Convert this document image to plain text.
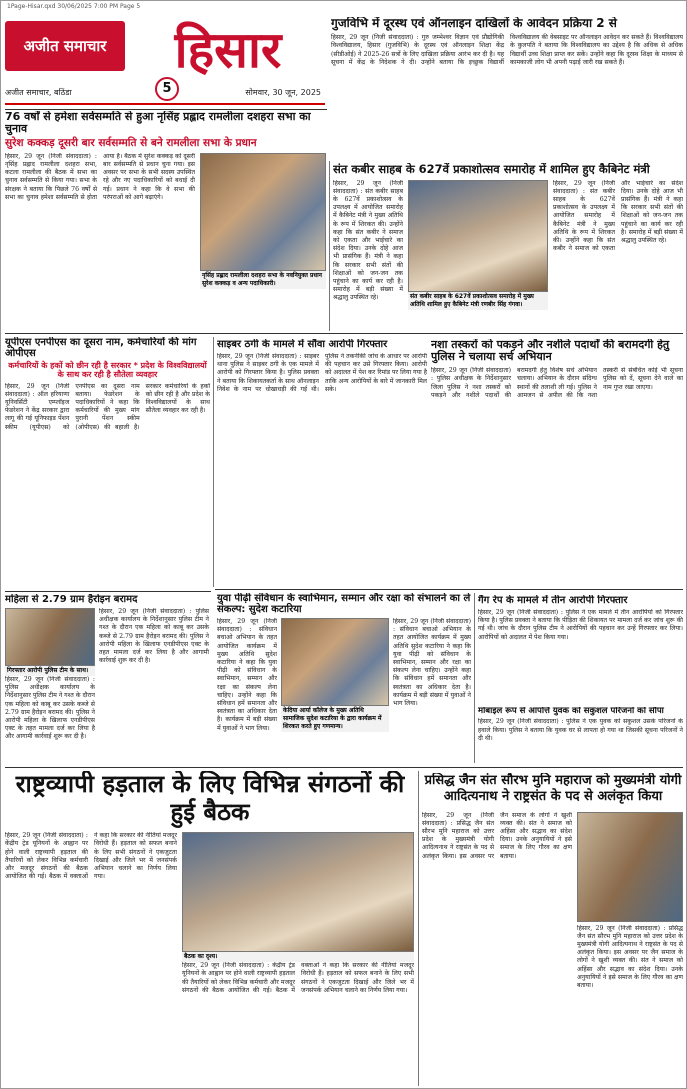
1Page-Hisar.qxd 30/06/2025 7:00 PM Page 5
अजीत समाचार	हिसार
अजीत समाचार, बठिंडा	5	सोमवार, 30 जून, 2025
गुजविभि में दूरस्थ एवं ऑनलाइन दाखिलों के आवेदन प्रक्रिया 2 से
हिसार, 29 जून (निजी संवाददाता) : गुरु जम्भेश्वर विज्ञान एवं प्रौद्योगिकी विश्वविद्यालय, हिसार (गुजविभि) के दूरस्थ एवं ऑनलाइन शिक्षा केंद्र (सीडीओई) ने 2025-26 सत्रों के लिए दाखिला प्रक्रिया आरंभ कर दी है। यह सूचना में केंद्र के निदेशक ने दी। उन्होंने बताया कि इच्छुक विद्यार्थी विश्वविद्यालय की वेबसाइट पर ऑनलाइन आवेदन कर सकते हैं। विश्वविद्यालय के कुलपति ने बताया कि विश्वविद्यालय का उद्देश्य है कि अधिक से अधिक विद्यार्थी उच्च शिक्षा प्राप्त कर सकें। उन्होंने कहा कि दूरस्थ शिक्षा के माध्यम से कामकाजी लोग भी अपनी पढ़ाई जारी रख सकते हैं।
76 वर्षों से हमेशा सर्वसम्मति से हुआ नृसिंह प्रह्लाद रामलीला दशहरा सभा का चुनाव
सुरेश कक्कड़ दूसरी बार सर्वसम्मति से बने रामलीला सभा के प्रधान
हिसार, 29 जून (निजी संवाददाता) : नृसिंह प्रह्लाद रामलीला दशहरा सभा, कटला रामलीला की बैठक में सभा का चुनाव सर्वसम्मति से किया गया। सभा के संरक्षक ने बताया कि पिछले 76 वर्षों से सभा का चुनाव हमेशा सर्वसम्मति से होता आया है। बैठक में सुरेश कक्कड़ को दूसरी बार सर्वसम्मति से प्रधान चुना गया। इस अवसर पर सभा के सभी सदस्य उपस्थित रहे और नए पदाधिकारियों को बधाई दी गई। प्रधान ने कहा कि वे सभा की परंपराओं को आगे बढ़ाएंगे।
नृसिंह प्रह्लाद रामलीला दशहरा सभा के नवनियुक्त प्रधान सुरेश कक्कड़ व अन्य पदाधिकारी।
संत कबीर साहब के 627वें प्रकाशोत्सव समारोह में शामिल हुए कैबिनेट मंत्री
हिसार, 29 जून (निजी संवाददाता) : संत कबीर साहब के 627वें प्रकाशोत्सव के उपलक्ष्य में आयोजित समारोह में कैबिनेट मंत्री ने मुख्य अतिथि के रूप में शिरकत की। उन्होंने कहा कि संत कबीर ने समाज को एकता और भाईचारे का संदेश दिया। उनके दोहे आज भी प्रासंगिक हैं। मंत्री ने कहा कि सरकार सभी संतों की शिक्षाओं को जन-जन तक पहुंचाने का कार्य कर रही है। समारोह में बड़ी संख्या में श्रद्धालु उपस्थित रहे।	संत कबीर साहब के 627वें प्रकाशोत्सव समारोह में मुख्य अतिथि शामिल हुए कैबिनेट मंत्री रणबीर सिंह गंगवा।
हिसार, 29 जून (निजी संवाददाता) : संत कबीर साहब के 627वें प्रकाशोत्सव के उपलक्ष्य में आयोजित समारोह में कैबिनेट मंत्री ने मुख्य अतिथि के रूप में शिरकत की। उन्होंने कहा कि संत कबीर ने समाज को एकता और भाईचारे का संदेश दिया। उनके दोहे आज भी प्रासंगिक हैं। मंत्री ने कहा कि सरकार सभी संतों की शिक्षाओं को जन-जन तक पहुंचाने का कार्य कर रही है। समारोह में बड़ी संख्या में श्रद्धालु उपस्थित रहे।
यूपीएस एनपीएस का दूसरा नाम, कर्मचारियों की मांग ओपीएस
कर्मचारियों के हकों को छीन रही है सरकार * प्रदेश के विश्वविद्यालयों के साथ कर रही है सौतेला व्यवहार
हिसार, 29 जून (निजी संवाददाता) : ऑल हरियाणा यूनिवर्सिटी एम्प्लॉइज फेडरेशन ने केंद्र सरकार द्वारा लागू की गई यूनिफाइड पेंशन स्कीम (यूपीएस) को एनपीएस का दूसरा नाम बताया। फेडरेशन के पदाधिकारियों ने कहा कि कर्मचारियों की मुख्य मांग पुरानी पेंशन स्कीम (ओपीएस) की बहाली है। सरकार कर्मचारियों के हकों को छीन रही है और प्रदेश के विश्वविद्यालयों के साथ सौतेला व्यवहार कर रही है।
साइबर ठगी के मामले में सौंवा आरोपी गिरफ्तार
हिसार, 29 जून (निजी संवाददाता) : साइबर थाना पुलिस ने साइबर ठगी के एक मामले में आरोपी को गिरफ्तार किया है। पुलिस प्रवक्ता ने बताया कि शिकायतकर्ता के साथ ऑनलाइन निवेश के नाम पर धोखाधड़ी की गई थी। पुलिस ने तकनीकी जांच के आधार पर आरोपी की पहचान कर उसे गिरफ्तार किया। आरोपी को अदालत में पेश कर रिमांड पर लिया गया है ताकि अन्य आरोपियों के बारे में जानकारी मिल सके।
नशा तस्करों को पकड़ने और नशीले पदार्थों की बरामदगी हेतु पुलिस ने चलाया सर्च अभियान
हिसार, 29 जून (निजी संवाददाता) : पुलिस अधीक्षक के निर्देशानुसार जिला पुलिस ने नशा तस्करों को पकड़ने और नशीले पदार्थों की बरामदगी हेतु विशेष सर्च अभियान चलाया। अभियान के दौरान संदिग्ध स्थानों की तलाशी ली गई। पुलिस ने आमजन से अपील की कि नशा तस्करी से संबंधित कोई भी सूचना पुलिस को दें, सूचना देने वाले का नाम गुप्त रखा जाएगा।
महिला से 2.79 ग्राम हैरोइन बरामद
गिरफ्तार आरोपी पुलिस टीम के साथ।
हिसार, 29 जून (निजी संवाददाता) : पुलिस अधीक्षक कार्यालय के निर्देशानुसार पुलिस टीम ने गश्त के दौरान एक महिला को काबू कर उसके कब्जे से 2.79 ग्राम हैरोइन बरामद की। पुलिस ने आरोपी महिला के खिलाफ एनडीपीएस एक्ट के तहत मामला दर्ज कर लिया है और आगामी कार्रवाई शुरू कर दी है।
हिसार, 29 जून (निजी संवाददाता) : पुलिस अधीक्षक कार्यालय के निर्देशानुसार पुलिस टीम ने गश्त के दौरान एक महिला को काबू कर उसके कब्जे से 2.79 ग्राम हैरोइन बरामद की। पुलिस ने आरोपी महिला के खिलाफ एनडीपीएस एक्ट के तहत मामला दर्ज कर लिया है और आगामी कार्रवाई शुरू कर दी है।
युवा पीढ़ी संविधान के स्वाभिमान, सम्मान और रक्षा को संभालने का ले संकल्प: सुदेश कटारिया
हिसार, 29 जून (निजी संवाददाता) : संविधान बचाओ अभियान के तहत आयोजित कार्यक्रम में मुख्य अतिथि सुदेश कटारिया ने कहा कि युवा पीढ़ी को संविधान के स्वाभिमान, सम्मान और रक्षा का संकल्प लेना चाहिए। उन्होंने कहा कि संविधान हमें समानता और स्वतंत्रता का अधिकार देता है। कार्यक्रम में बड़ी संख्या में युवाओं ने भाग लिया।
केदिया आर्या कॉलेज के मुख्य अतिथि सामाजिक सुदेश कटारिया के द्वारा कार्यक्रम में शिरकत करते हुए गणमान्य।
हिसार, 29 जून (निजी संवाददाता) : संविधान बचाओ अभियान के तहत आयोजित कार्यक्रम में मुख्य अतिथि सुदेश कटारिया ने कहा कि युवा पीढ़ी को संविधान के स्वाभिमान, सम्मान और रक्षा का संकल्प लेना चाहिए। उन्होंने कहा कि संविधान हमें समानता और स्वतंत्रता का अधिकार देता है। कार्यक्रम में बड़ी संख्या में युवाओं ने भाग लिया।
गैंग रेप के मामले में तीन आरोपी गिरफ्तार
हिसार, 29 जून (निजी संवाददाता) : पुलिस ने एक मामले में तीन आरोपियों को गिरफ्तार किया है। पुलिस प्रवक्ता ने बताया कि पीड़िता की शिकायत पर मामला दर्ज कर जांच शुरू की गई थी। जांच के दौरान पुलिस टीम ने आरोपियों की पहचान कर उन्हें गिरफ्तार कर लिया। आरोपियों को अदालत में पेश किया गया।
मोबाइल रूप से आपत्ति युवक को सकुशल परिजनों को सौंपा
हिसार, 29 जून (निजी संवाददाता) : पुलिस ने एक युवक को सकुशल उसके परिजनों के हवाले किया। पुलिस ने बताया कि युवक घर से लापता हो गया था जिसकी सूचना परिजनों ने दी थी।
राष्ट्रव्यापी हड़ताल के लिए विभिन्न संगठनों की हुई बैठक
हिसार, 29 जून (निजी संवाददाता) : केंद्रीय ट्रेड यूनियनों के आह्वान पर होने वाली राष्ट्रव्यापी हड़ताल की तैयारियों को लेकर विभिन्न कर्मचारी और मजदूर संगठनों की बैठक आयोजित की गई। बैठक में वक्ताओं ने कहा कि सरकार की नीतियां मजदूर विरोधी हैं। हड़ताल को सफल बनाने के लिए सभी संगठनों ने एकजुटता दिखाई और जिले भर में जनसंपर्क अभियान चलाने का निर्णय लिया गया।
बैठक का दृश्य।
हिसार, 29 जून (निजी संवाददाता) : केंद्रीय ट्रेड यूनियनों के आह्वान पर होने वाली राष्ट्रव्यापी हड़ताल की तैयारियों को लेकर विभिन्न कर्मचारी और मजदूर संगठनों की बैठक आयोजित की गई। बैठक में वक्ताओं ने कहा कि सरकार की नीतियां मजदूर विरोधी हैं। हड़ताल को सफल बनाने के लिए सभी संगठनों ने एकजुटता दिखाई और जिले भर में जनसंपर्क अभियान चलाने का निर्णय लिया गया।
प्रसिद्ध जैन संत सौरभ मुनि महाराज को मुख्यमंत्री योगी आदित्यनाथ ने राष्ट्रसंत के पद से अलंकृत किया
हिसार, 29 जून (निजी संवाददाता) : प्रसिद्ध जैन संत सौरभ मुनि महाराज को उत्तर प्रदेश के मुख्यमंत्री योगी आदित्यनाथ ने राष्ट्रसंत के पद से अलंकृत किया। इस अवसर पर जैन समाज के लोगों ने खुशी व्यक्त की। संत ने समाज को अहिंसा और सद्भाव का संदेश दिया। उनके अनुयायियों ने इसे समाज के लिए गौरव का क्षण बताया।
हिसार, 29 जून (निजी संवाददाता) : प्रसिद्ध जैन संत सौरभ मुनि महाराज को उत्तर प्रदेश के मुख्यमंत्री योगी आदित्यनाथ ने राष्ट्रसंत के पद से अलंकृत किया। इस अवसर पर जैन समाज के लोगों ने खुशी व्यक्त की। संत ने समाज को अहिंसा और सद्भाव का संदेश दिया। उनके अनुयायियों ने इसे समाज के लिए गौरव का क्षण बताया।
